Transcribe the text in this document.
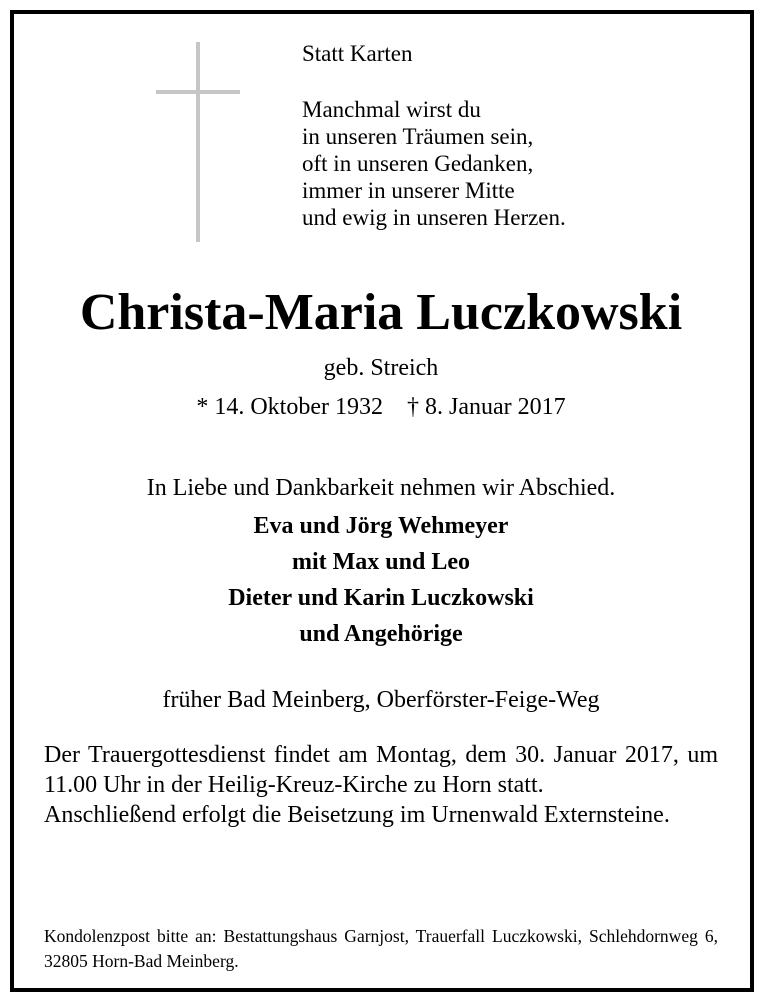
Statt Karten
Manchmal wirst du
in unseren Träumen sein,
oft in unseren Gedanken,
immer in unserer Mitte
und ewig in unseren Herzen.
Christa-Maria Luczkowski
geb. Streich
* 14. Oktober 1932 † 8. Januar 2017
In Liebe und Dankbarkeit nehmen wir Abschied.
Eva und Jörg Wehmeyer
mit Max und Leo
Dieter und Karin Luczkowski
und Angehörige
früher Bad Meinberg, Oberförster-Feige-Weg

Der Trauergottesdienst findet am Montag, dem 30. Januar 2017, um 11.00 Uhr in der Heilig-Kreuz-Kirche zu Horn statt.

Anschließend erfolgt die Beisetzung im Urnenwald Externsteine.

Kondolenzpost bitte an: Bestattungshaus Garnjost, Trauerfall Luczkowski, Schlehdornweg 6, 32805 Horn-Bad Meinberg.
